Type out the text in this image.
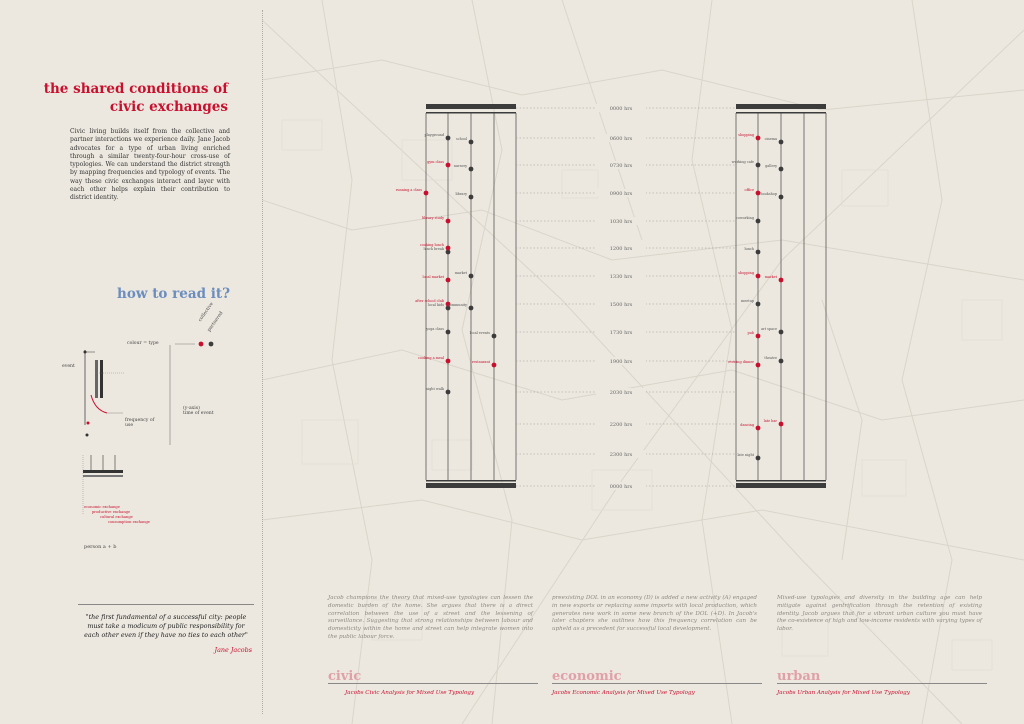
the shared conditions of
civic exchanges
Civic living builds itself from the collective and partner interactions we experience daily. Jane Jacob advocates for a type of urban living enriched through a similar twenty-four-hour cross-use of typologies. We can understand the district strength by mapping frequencies and typology of events. The way these civic exchanges interact and layer with each other helps explain their contribution to district identity.
how to read it?
collective
partnered
colour = type
event
frequency of
use
(y-axis)
time of event
economic exchange
productive exchange
cultural exchange
consumption exchange
person a + b
0000 hrs
0600 hrs
0730 hrs
0900 hrs
1030 hrs
1200 hrs
1330 hrs
1500 hrs
1730 hrs
1900 hrs
2030 hrs
2200 hrs
2300 hrs
0000 hrs
playground
school
gym class
nursery
running a class
library
library study
lunch break
cooking lunch
local market
market
local kids
after school club
community
yoga class
local events
cooking a meal
restaurant
night walk
shopping
cinema
working cafe
gallery
office
bookshop
coworking
lunch
shopping
market
meetup
pub
art space
evening dinner
theatre
dancing
late bar
late night
"the first fundamental of a successful city: people must take a modicum of public responsibility for each other even if they have no ties to each other"
Jane Jacobs
Jacob champions the theory that mixed-use typologies can lessen the domestic burden of the home. She argues that there is a direct correlation between the use of a street and the lessening of surveillance. Suggesting that strong relationships between labour and domesticity within the home and street can help integrate women into the public labour force.
preexisting DOL in an economy (D) is added a new activity (A) engaged in new exports or replacing some imports with local production, which generates new work in some new branch of the DOL (+D). In Jacob's later chapters she outlines how this frequency correlation can be upheld as a precedent for successful local development.
Mixed-use typologies and diversity in the building age can help mitigate against gentrification through the retention of existing identity. Jacob argues that for a vibrant urban culture you must have the co-existence of high and low-income residents with varying types of labor.
civic	economic	urban
Jacobs Civic Analysis for Mixed Use Typology	Jacobs Economic Analysis for Mixed Use Typology	Jacobs Urban Analysis for Mixed Use Typology
